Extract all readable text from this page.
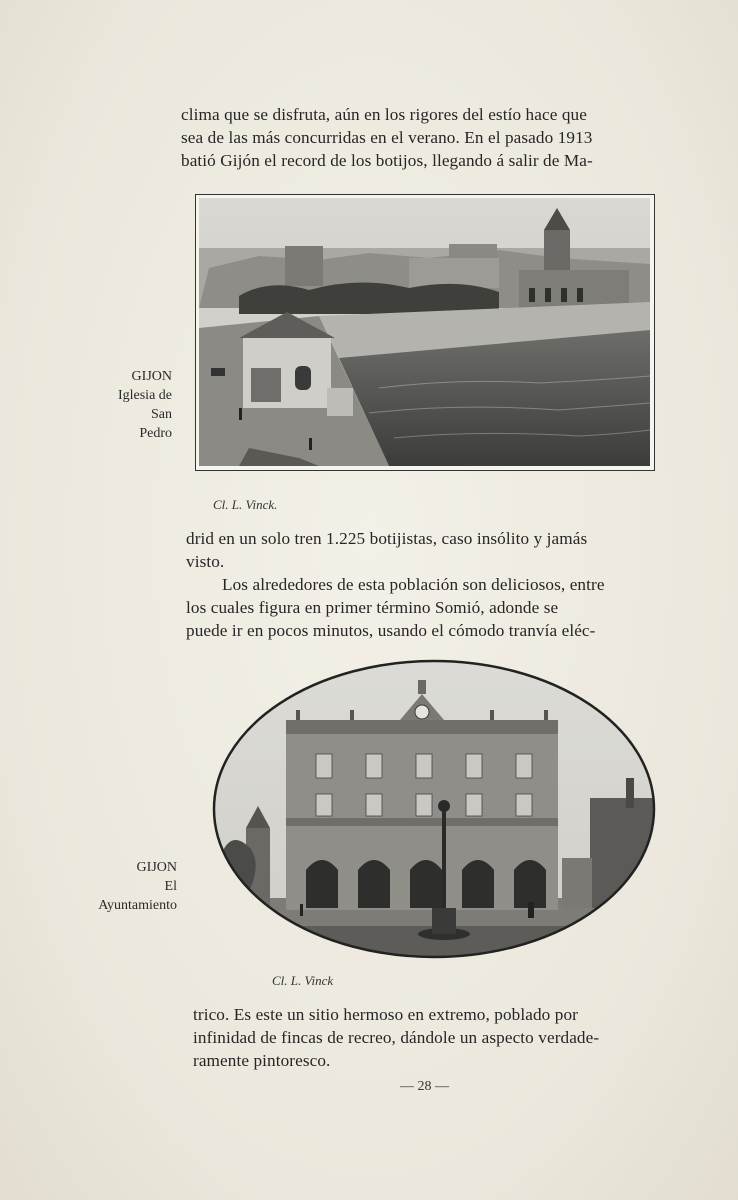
clima que se disfruta, aún en los rigores del estío hace que
sea de las más concurridas en el verano. En el pasado 1913
batió Gijón el record de los botijos, llegando á salir de Ma-

GIJON
Iglesia de
San
Pedro
Cl. L. Vinck.

drid en un solo tren 1.225 botijistas, caso insólito y jamás
visto.
Los alrededores de esta población son deliciosos, entre
los cuales figura en primer término Somió, adonde se
puede ir en pocos minutos, usando el cómodo tranvía eléc-

GIJON
El
Ayuntamiento
Cl. L. Vinck

trico. Es este un sitio hermoso en extremo, poblado por
infinidad de fincas de recreo, dándole un aspecto verdade-
ramente pintoresco.

— 28 —
